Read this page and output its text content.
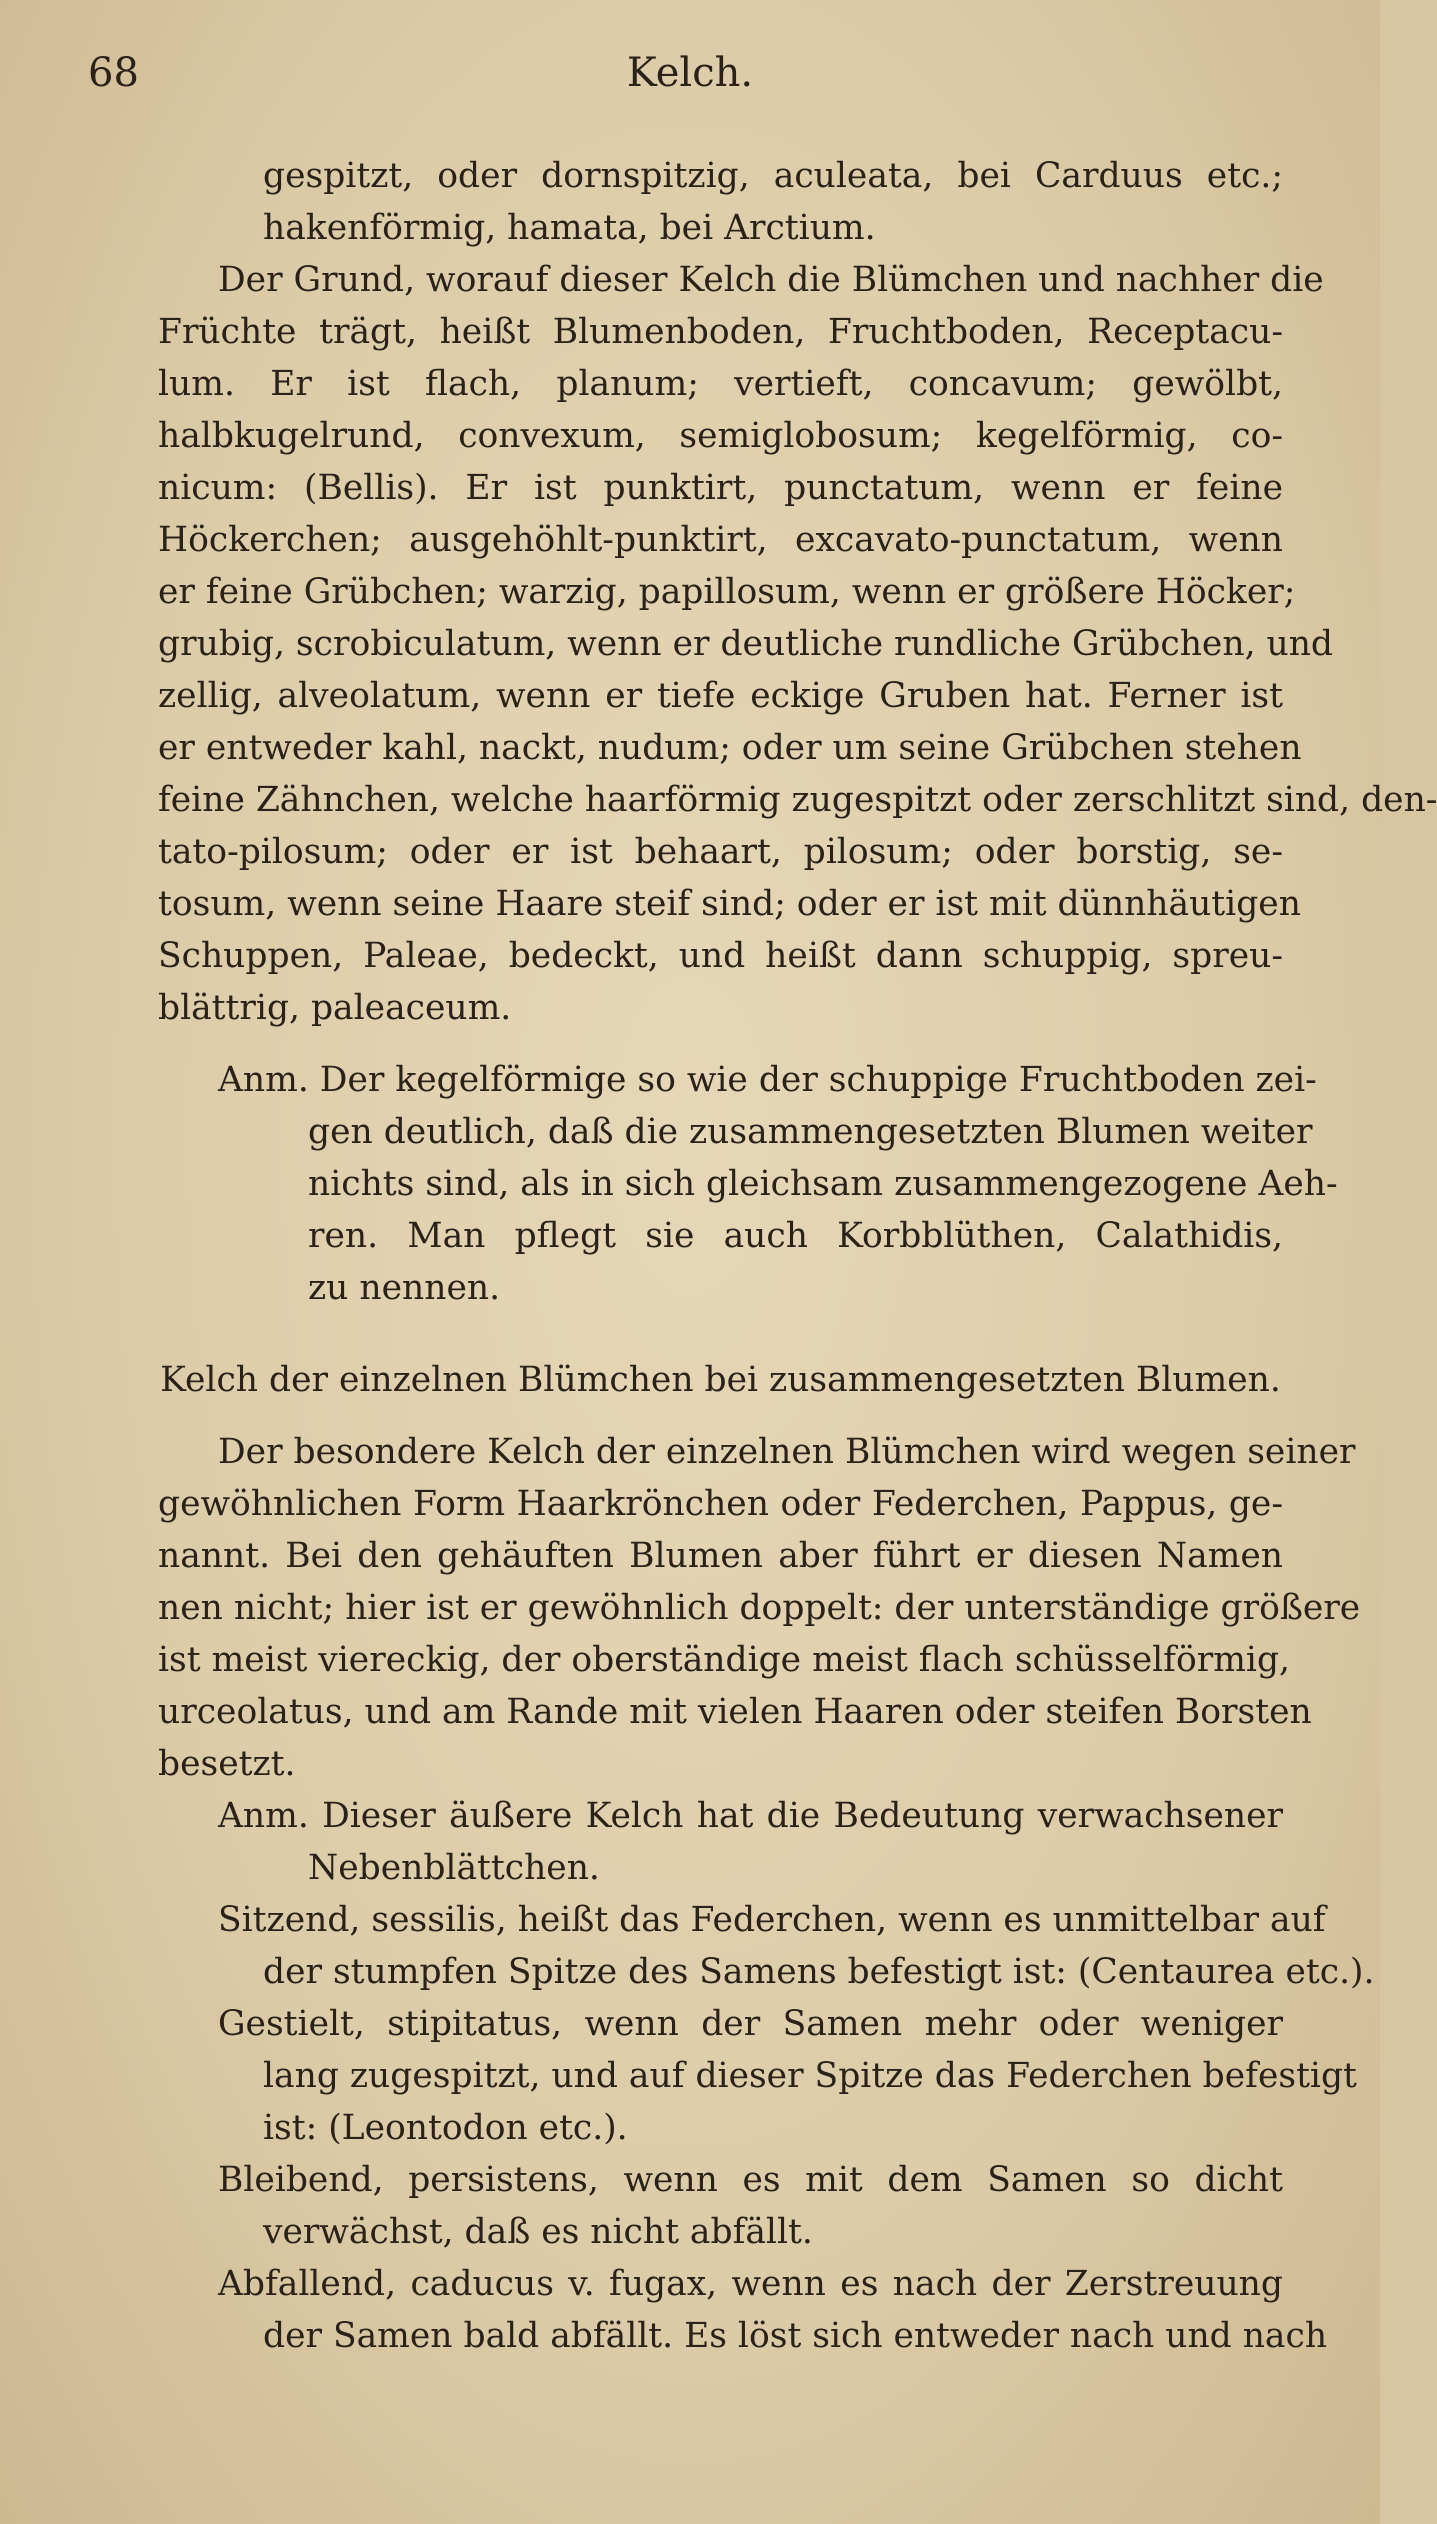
68	Kelch.
gespitzt, oder dornspitzig, aculeata, bei Carduus etc.;
hakenförmig, hamata, bei Arctium.
Der Grund, worauf dieser Kelch die Blümchen und nachher die
Früchte trägt, heißt Blumenboden, Fruchtboden, Receptacu-
lum. Er ist flach, planum; vertieft, concavum; gewölbt,
halbkugelrund, convexum, semiglobosum; kegelförmig, co-
nicum: (Bellis). Er ist punktirt, punctatum, wenn er feine
Höckerchen; ausgehöhlt-punktirt, excavato-punctatum, wenn
er feine Grübchen; warzig, papillosum, wenn er größere Höcker;
grubig, scrobiculatum, wenn er deutliche rundliche Grübchen, und
zellig, alveolatum, wenn er tiefe eckige Gruben hat. Ferner ist
er entweder kahl, nackt, nudum; oder um seine Grübchen stehen
feine Zähnchen, welche haarförmig zugespitzt oder zerschlitzt sind, den-
tato-pilosum; oder er ist behaart, pilosum; oder borstig, se-
tosum, wenn seine Haare steif sind; oder er ist mit dünnhäutigen
Schuppen, Paleae, bedeckt, und heißt dann schuppig, spreu-
blättrig, paleaceum.
Anm. Der kegelförmige so wie der schuppige Fruchtboden zei-
gen deutlich, daß die zusammengesetzten Blumen weiter
nichts sind, als in sich gleichsam zusammengezogene Aeh-
ren. Man pflegt sie auch Korbblüthen, Calathidis,
zu nennen.
Kelch der einzelnen Blümchen bei zusammengesetzten Blumen.
Der besondere Kelch der einzelnen Blümchen wird wegen seiner
gewöhnlichen Form Haarkrönchen oder Federchen, Pappus, ge-
nannt. Bei den gehäuften Blumen aber führt er diesen Namen
nen nicht; hier ist er gewöhnlich doppelt: der unterständige größere
ist meist viereckig, der oberständige meist flach schüsselförmig,
urceolatus, und am Rande mit vielen Haaren oder steifen Borsten
besetzt.
Anm. Dieser äußere Kelch hat die Bedeutung verwachsener
Nebenblättchen.
Sitzend, sessilis, heißt das Federchen, wenn es unmittelbar auf
der stumpfen Spitze des Samens befestigt ist: (Centaurea etc.).
Gestielt, stipitatus, wenn der Samen mehr oder weniger
lang zugespitzt, und auf dieser Spitze das Federchen befestigt
ist: (Leontodon etc.).
Bleibend, persistens, wenn es mit dem Samen so dicht
verwächst, daß es nicht abfällt.
Abfallend, caducus v. fugax, wenn es nach der Zerstreuung
der Samen bald abfällt. Es löst sich entweder nach und nach
